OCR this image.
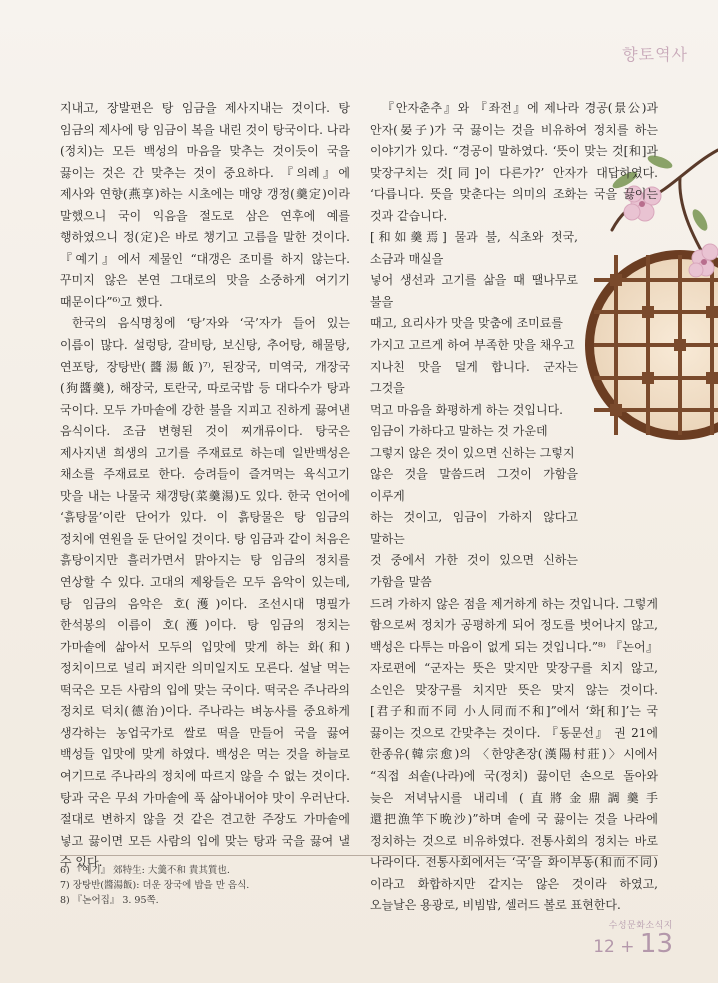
향토역사

지내고, 장발편은 탕 임금을 제사지내는 것이다. 탕 임금의 제사에 탕 임금이 복을 내린 것이 탕국이다. 나라(정치)는 모든 백성의 마음을 맞추는 것이듯이 국을 끓이는 것은 간 맞추는 것이 중요하다. 『의례』에 제사와 연향(燕享)하는 시초에는 매양 갱정(羹定)이라 말했으니 국이 익음을 절도로 삼은 연후에 예를 행하였으니 정(定)은 바로 챙기고 고름을 말한 것이다. 『예기』에서 제물인 “대갱은 조미를 하지 않는다. 꾸미지 않은 본연 그대로의 맛을 소중하게 여기기 때문이다”⁶⁾고 했다.

한국의 음식명칭에 ‘탕’자와 ‘국’자가 들어 있는 이름이 많다. 설렁탕, 갈비탕, 보신탕, 추어탕, 해물탕, 연포탕, 장탕반(醬湯飯)⁷⁾, 된장국, 미역국, 개장국(狗醬羹), 해장국, 토란국, 따로국밥 등 대다수가 탕과 국이다. 모두 가마솥에 강한 불을 지피고 진하게 끓여낸 음식이다. 조금 변형된 것이 찌개류이다. 탕국은 제사지낸 희생의 고기를 주재료로 하는데 일반백성은 채소를 주재료로 한다. 승려들이 즐겨먹는 육식고기 맛을 내는 나물국 채갱탕(菜羹湯)도 있다. 한국 언어에 ‘흙탕물’이란 단어가 있다. 이 흙탕물은 탕 임금의 정치에 연원을 둔 단어일 것이다. 탕 임금과 같이 처음은 흙탕이지만 흘러가면서 맑아지는 탕 임금의 정치를 연상할 수 있다. 고대의 제왕들은 모두 음악이 있는데, 탕 임금의 음악은 호(濩)이다. 조선시대 명필가 한석봉의 이름이 호(濩)이다. 탕 임금의 정치는 가마솥에 삶아서 모두의 입맛에 맞게 하는 화(和) 정치이므로 널리 퍼지란 의미일지도 모른다. 설날 먹는 떡국은 모든 사람의 입에 맞는 국이다. 떡국은 주나라의 정치로 덕치(德治)이다. 주나라는 벼농사를 중요하게 생각하는 농업국가로 쌀로 떡을 만들어 국을 끓여 백성들 입맛에 맞게 하였다. 백성은 먹는 것을 하늘로 여기므로 주나라의 정치에 따르지 않을 수 없는 것이다. 탕과 국은 무쇠 가마솥에 푹 삶아내어야 맛이 우러난다. 절대로 변하지 않을 것 같은 견고한 주장도 가마솥에 넣고 끓이면 모든 사람의 입에 맞는 탕과 국을 끓여 낼 수 있다.

『안자춘추』와 『좌전』에 제나라 경공(景公)과 안자(晏子)가 국 끓이는 것을 비유하여 정치를 하는 이야기가 있다. “경공이 말하였다. ‘뜻이 맞는 것[和]과 맞장구치는 것[同]이 다른가?’ 안자가 대답하였다. ‘다릅니다. 뜻을 맞춘다는 의미의 조화는 국을 끓이는 것과 같습니다.

[和如羹焉] 물과 불, 식초와 젓국, 소금과 매실을
넣어 생선과 고기를 삶을 때 땔나무로 불을
때고, 요리사가 맛을 맞춤에 조미료를
가지고 고르게 하여 부족한 맛을 채우고
지나친 맛을 덜게 합니다. 군자는 그것을
먹고 마음을 화평하게 하는 것입니다.
임금이 가하다고 말하는 것 가운데
그렇지 않은 것이 있으면 신하는 그렇지
않은 것을 말씀드려 그것이 가함을 이루게
하는 것이고, 임금이 가하지 않다고 말하는
것 중에서 가한 것이 있으면 신하는 가함을 말씀

드려 가하지 않은 점을 제거하게 하는 것입니다. 그렇게 함으로써 정치가 공평하게 되어 정도를 벗어나지 않고, 백성은 다투는 마음이 없게 되는 것입니다.”⁸⁾ 『논어』 자로편에 “군자는 뜻은 맞지만 맞장구를 치지 않고, 소인은 맞장구를 치지만 뜻은 맞지 않는 것이다. [君子和而不同 小人同而不和]”에서 ‘화[和]’는 국 끓이는 것으로 간맞추는 것이다. 『동문선』 권 21에 한종유(韓宗愈)의 〈한양촌장(漢陽村莊)〉시에서 “직접 쇠솥(나라)에 국(정치) 끓이던 손으로 돌아와 늦은 저녁낚시를 내리네 (直將金鼎調羹手 還把漁竿下晩沙)”하며 솥에 국 끓이는 것을 나라에 정치하는 것으로 비유하였다. 전통사회의 정치는 바로 나라이다. 전통사회에서는 ‘국’을 화이부동(和而不同)이라고 화합하지만 같지는 않은 것이라 하였고, 오늘날은 용광로, 비빔밥, 셀러드 볼로 표현한다.

6) 『예기』 郊特生: 大羹不和 貴其質也.
7) 장탕반(醬湯飯): 더운 장국에 밥을 만 음식.
8) 『논어집』 3. 95쪽.
수성문화소식지
12 + 13
